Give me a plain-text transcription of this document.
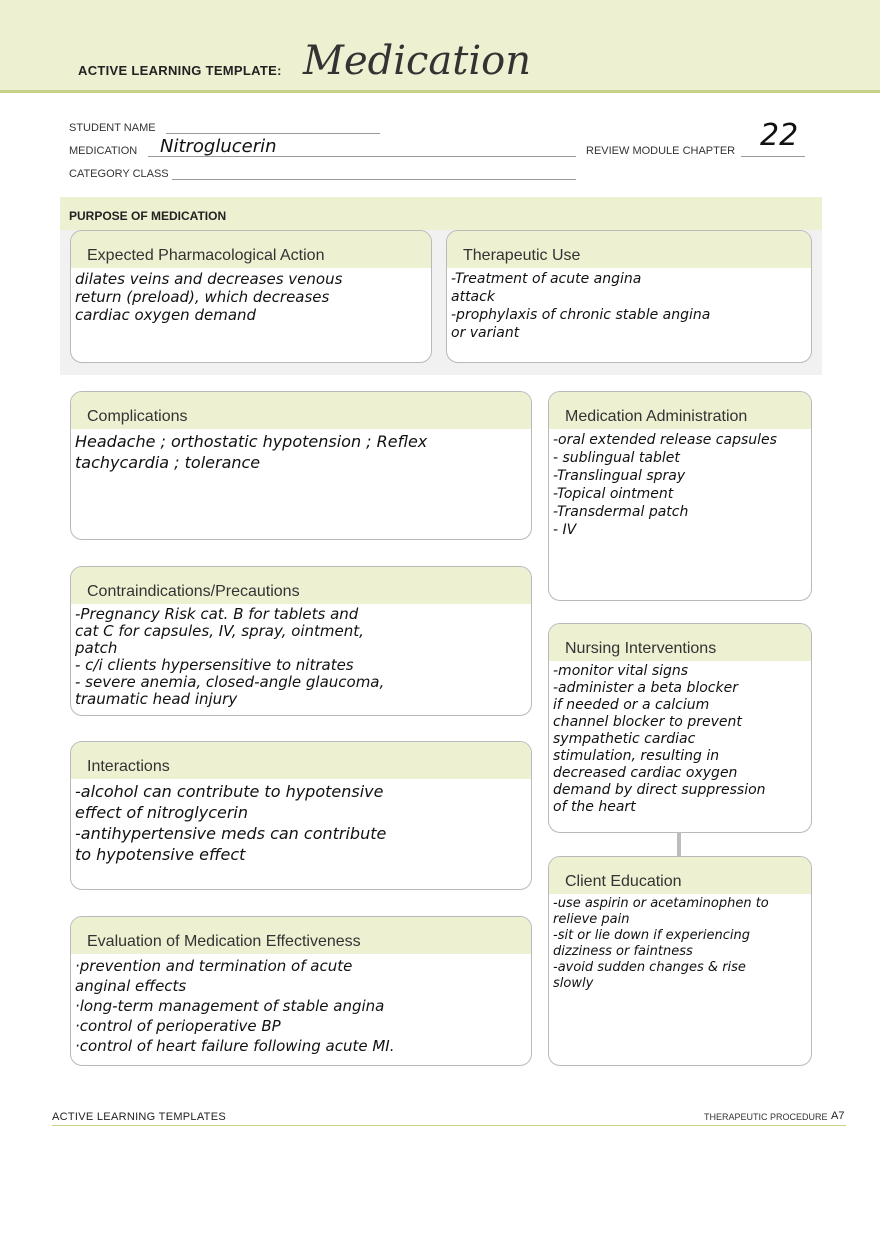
ACTIVE LEARNING TEMPLATE: Medication
STUDENT NAME
MEDICATION Nitroglucerin	REVIEW MODULE CHAPTER 22
CATEGORY CLASS
PURPOSE OF MEDICATION
Expected Pharmacological Action
dilates veins and decreases venous
return (preload), which decreases
cardiac oxygen demand
Therapeutic Use
-Treatment of acute angina
attack
-prophylaxis of chronic stable angina
or variant
Complications
Headache ; orthostatic hypotension ; Reflex
tachycardia ; tolerance
Medication Administration
-oral extended release capsules
- sublingual tablet
-Translingual spray
-Topical ointment
-Transdermal patch
- IV
Contraindications/Precautions
-Pregnancy Risk cat. B for tablets and
cat C for capsules, IV, spray, ointment,
patch
- c/i clients hypersensitive to nitrates
- severe anemia, closed-angle glaucoma,
traumatic head injury
Nursing Interventions
-monitor vital signs
-administer a beta blocker
if needed or a calcium
channel blocker to prevent
sympathetic cardiac
stimulation, resulting in
decreased cardiac oxygen
demand by direct suppression
of the heart
Interactions
-alcohol can contribute to hypotensive
effect of nitroglycerin
-antihypertensive meds can contribute
to hypotensive effect
Client Education
-use aspirin or acetaminophen to
relieve pain
-sit or lie down if experiencing
dizziness or faintness
-avoid sudden changes & rise
slowly
Evaluation of Medication Effectiveness
·prevention and termination of acute
anginal effects
·long-term management of stable angina
·control of perioperative BP
·control of heart failure following acute MI.
ACTIVE LEARNING TEMPLATES	THERAPEUTIC PROCEDURE A7
